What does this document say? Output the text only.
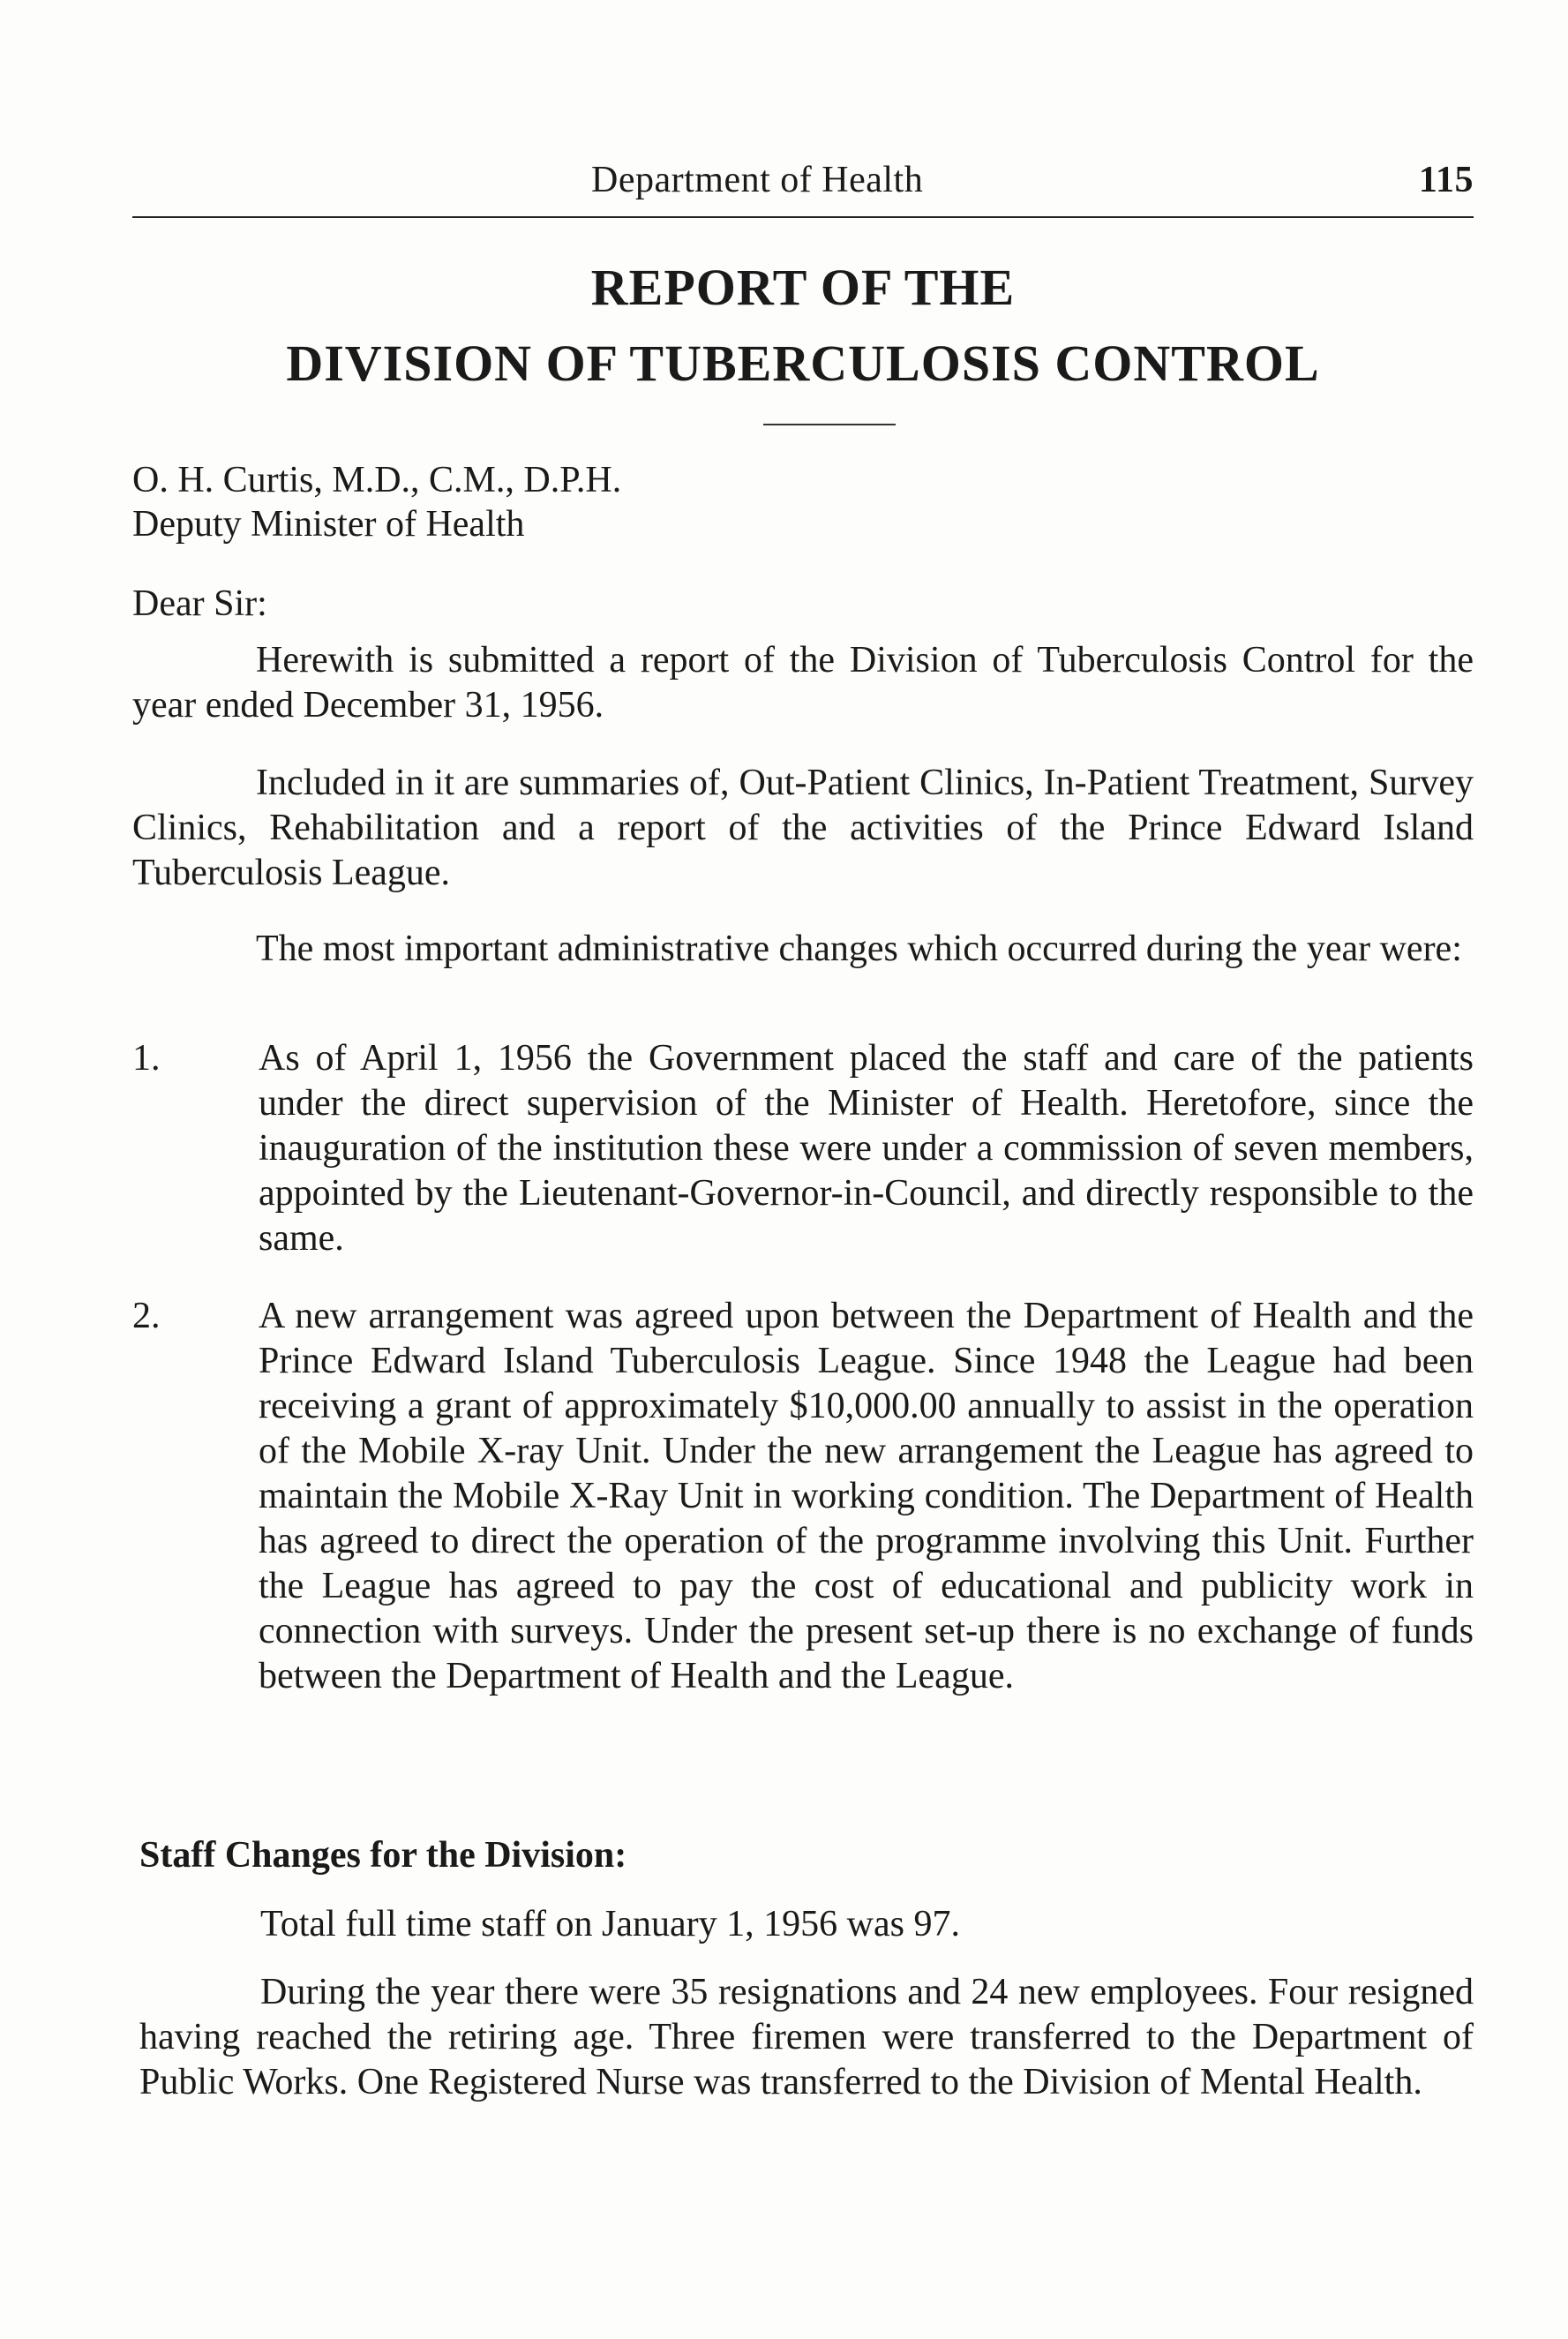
Department of Health	115
REPORT OF THE
DIVISION OF TUBERCULOSIS CONTROL
O. H. Curtis, M.D., C.M., D.P.H.
Deputy Minister of Health
Dear Sir:

Herewith is submitted a report of the Division of Tuberculosis Control for the year ended December 31, 1956.

Included in it are summaries of, Out-Patient Clinics, In-Patient Treatment, Survey Clinics, Rehabilitation and a report of the activities of the Prince Edward Island Tuberculosis League.

The most important administrative changes which occurred during the year were:

1.	As of April 1, 1956 the Government placed the staff and care of the patients under the direct supervision of the Minister of Health. Heretofore, since the inauguration of the institution these were under a commission of seven members, appointed by the Lieutenant-Governor-in-Council, and directly responsible to the same.

2.	A new arrangement was agreed upon between the Department of Health and the Prince Edward Island Tuberculosis League. Since 1948 the League had been receiving a grant of approximately $10,000.00 annually to assist in the operation of the Mobile X-ray Unit. Under the new arrangement the League has agreed to maintain the Mobile X-Ray Unit in working condition. The Department of Health has agreed to direct the operation of the programme involving this Unit. Further the League has agreed to pay the cost of educational and publicity work in connection with surveys. Under the present set-up there is no exchange of funds between the Department of Health and the League.

Staff Changes for the Division:

Total full time staff on January 1, 1956 was 97.

During the year there were 35 resignations and 24 new employees. Four resigned having reached the retiring age. Three firemen were transferred to the Department of Public Works. One Registered Nurse was transferred to the Division of Mental Health.
